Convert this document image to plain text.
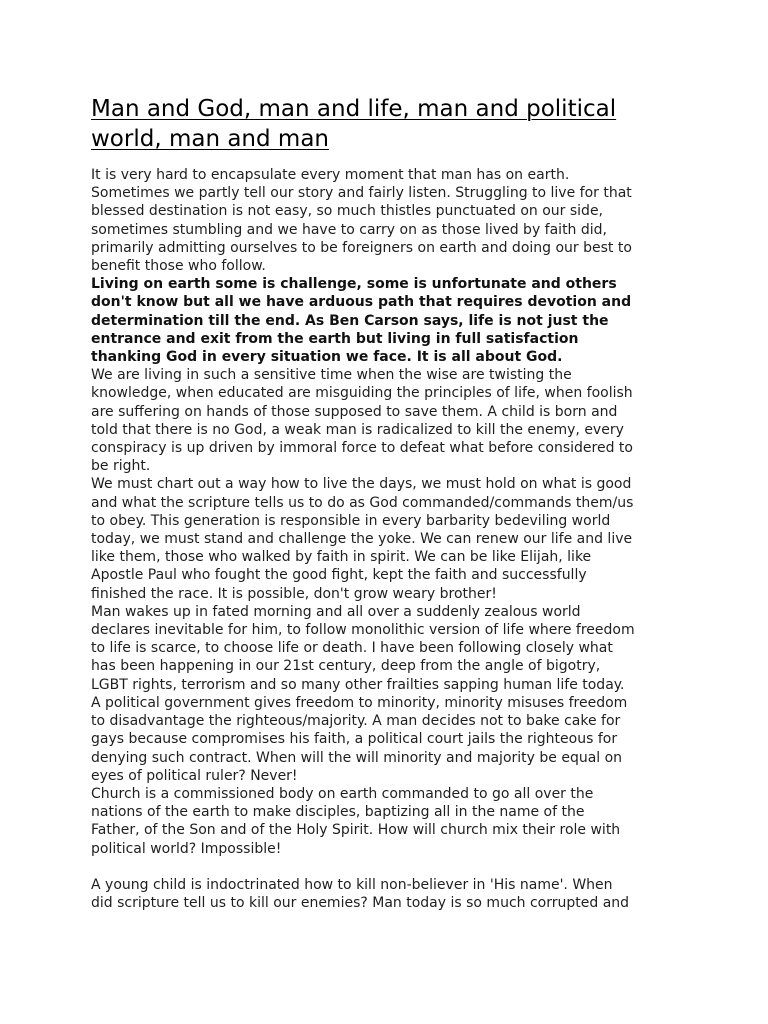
Man and God, man and life, man and political
world, man and man

It is very hard to encapsulate every moment that man has on earth.
Sometimes we partly tell our story and fairly listen. Struggling to live for that
blessed destination is not easy, so much thistles punctuated on our side,
sometimes stumbling and we have to carry on as those lived by faith did,
primarily admitting ourselves to be foreigners on earth and doing our best to
benefit those who follow.

Living on earth some is challenge, some is unfortunate and others
don't know but all we have arduous path that requires devotion and
determination till the end. As Ben Carson says, life is not just the
entrance and exit from the earth but living in full satisfaction
thanking God in every situation we face. It is all about God.

We are living in such a sensitive time when the wise are twisting the
knowledge, when educated are misguiding the principles of life, when foolish
are suffering on hands of those supposed to save them. A child is born and
told that there is no God, a weak man is radicalized to kill the enemy, every
conspiracy is up driven by immoral force to defeat what before considered to
be right.

We must chart out a way how to live the days, we must hold on what is good
and what the scripture tells us to do as God commanded/commands them/us
to obey. This generation is responsible in every barbarity bedeviling world
today, we must stand and challenge the yoke. We can renew our life and live
like them, those who walked by faith in spirit. We can be like Elijah, like
Apostle Paul who fought the good fight, kept the faith and successfully
finished the race. It is possible, don't grow weary brother!

Man wakes up in fated morning and all over a suddenly zealous world
declares inevitable for him, to follow monolithic version of life where freedom
to life is scarce, to choose life or death. I have been following closely what
has been happening in our 21st century, deep from the angle of bigotry,
LGBT rights, terrorism and so many other frailties sapping human life today.

A political government gives freedom to minority, minority misuses freedom
to disadvantage the righteous/majority. A man decides not to bake cake for
gays because compromises his faith, a political court jails the righteous for
denying such contract. When will the will minority and majority be equal on
eyes of political ruler? Never!

Church is a commissioned body on earth commanded to go all over the
nations of the earth to make disciples, baptizing all in the name of the
Father, of the Son and of the Holy Spirit. How will church mix their role with
political world? Impossible!

A young child is indoctrinated how to kill non-believer in 'His name'. When
did scripture tell us to kill our enemies? Man today is so much corrupted and
